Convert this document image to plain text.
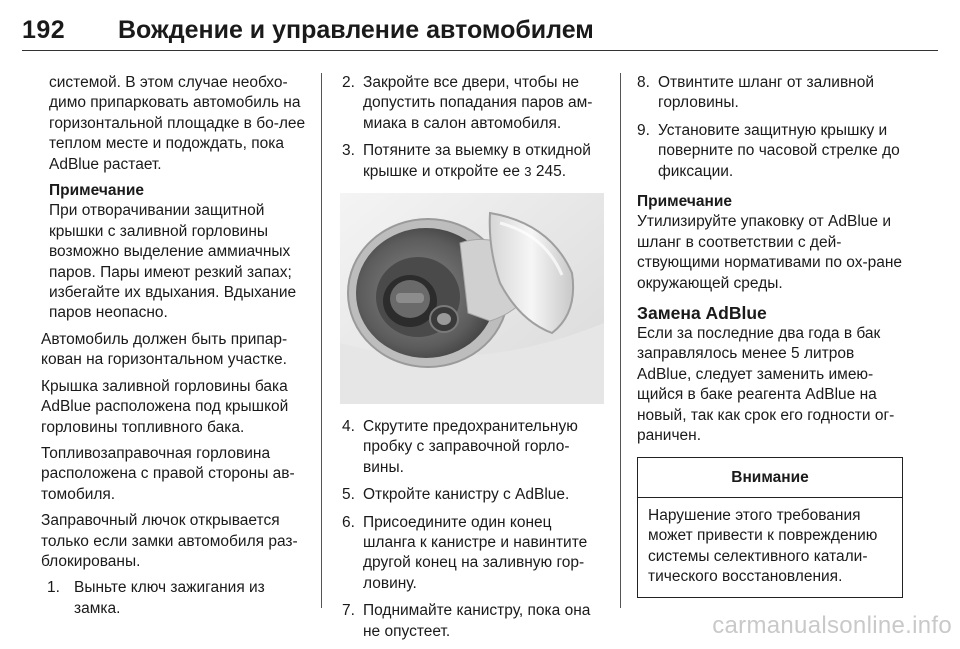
192	Вождение и управление автомобилем

системой. В этом случае необхо-димо припарковать автомобиль на горизонтальной площадке в бо-лее теплом месте и подождать, пока AdBlue растает.

Примечание

При отворачивании защитной крышки с заливной горловины возможно выделение аммиачных паров. Пары имеют резкий запах; избегайте их вдыхания. Вдыхание паров неопасно.

Автомобиль должен быть припар-кован на горизонтальном участке.

Крышка заливной горловины бака AdBlue расположена под крышкой горловины топливного бака.

Топливозаправочная горловина расположена с правой стороны ав-томобиля.

Заправочный лючок открывается только если замки автомобиля раз-блокированы.

1. Выньте ключ зажигания из замка.
2. Закройте все двери, чтобы не допустить попадания паров ам-миака в салон автомобиля.
3. Потяните за выемку в откидной крышке и откройте ее 3 245.
4. Скрутите предохранительную пробку с заправочной горло-вины.
5. Откройте канистру с AdBlue.
6. Присоедините один конец шланга к канистре и навинтите другой конец на заливную гор-ловину.
7. Поднимайте канистру, пока она не опустеет.
8. Отвинтите шланг от заливной горловины.
9. Установите защитную крышку и поверните по часовой стрелке до фиксации.
Примечание

Утилизируйте упаковку от AdBlue и шланг в соответствии с дей-ствующими нормативами по ох-ране окружающей среды.

Замена AdBlue

Если за последние два года в бак заправлялось менее 5 литров AdBlue, следует заменить имею-щийся в баке реагента AdBlue на новый, так как срок его годности ог-раничен.

Внимание
Нарушение этого требования может привести к повреждению системы селективного катали-тического восстановления.
carmanualsonline.info
